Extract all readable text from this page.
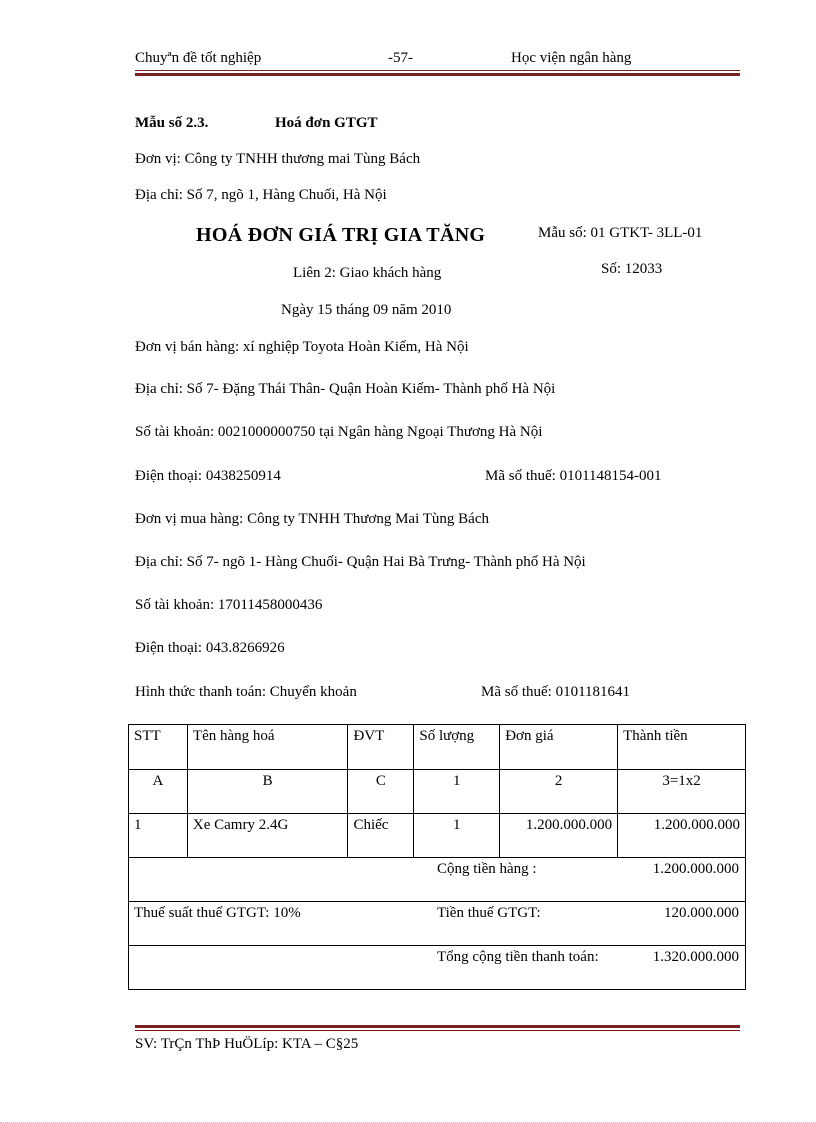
Chuyªn đề tốt nghiệp	-57-	Học viện ngân hàng
Mẫu số 2.3.	Hoá đơn GTGT
Đơn vị: Công ty TNHH thương mai Tùng Bách
Địa chỉ: Số 7, ngõ 1, Hàng Chuối, Hà Nội
HOÁ ĐƠN GIÁ TRỊ GIA TĂNG	Mẫu số: 01 GTKT- 3LL-01
Liên 2: Giao khách hàng	Số: 12033
Ngày 15 tháng 09 năm 2010
Đơn vị bán hàng: xí nghiệp Toyota Hoàn Kiếm, Hà Nội
Địa chỉ: Số 7- Đặng Thái Thân- Quận Hoàn Kiếm- Thành phố Hà Nội
Số tài khoản: 0021000000750 tại Ngân hàng Ngoại Thương Hà Nội
Điện thoại: 0438250914	Mã số thuế: 0101148154-001
Đơn vị mua hàng: Công ty TNHH Thương Mai Tùng Bách
Địa chỉ: Số 7- ngõ 1- Hàng Chuối- Quận Hai Bà Trưng- Thành phố Hà Nội
Số tài khoản: 17011458000436
Điện thoại: 043.8266926
Hình thức thanh toán: Chuyển khoản	Mã số thuế: 0101181641
STT	Tên hàng hoá	ĐVT	Số lượng	Đơn giá	Thành tiền
A	B	C	1	2	3=1x2
1	Xe Camry 2.4G	Chiếc	1	1.200.000.000	1.200.000.000

Cộng tiền hàng : 1.200.000.000					

Thuế suất thuế GTGT: 10% Tiền thuế GTGT: 120.000.000					

Tổng cộng tiền thanh toán: 1.320.000.000					
SV: TrÇn ThÞ HuÖLíp: KTA – C§25
